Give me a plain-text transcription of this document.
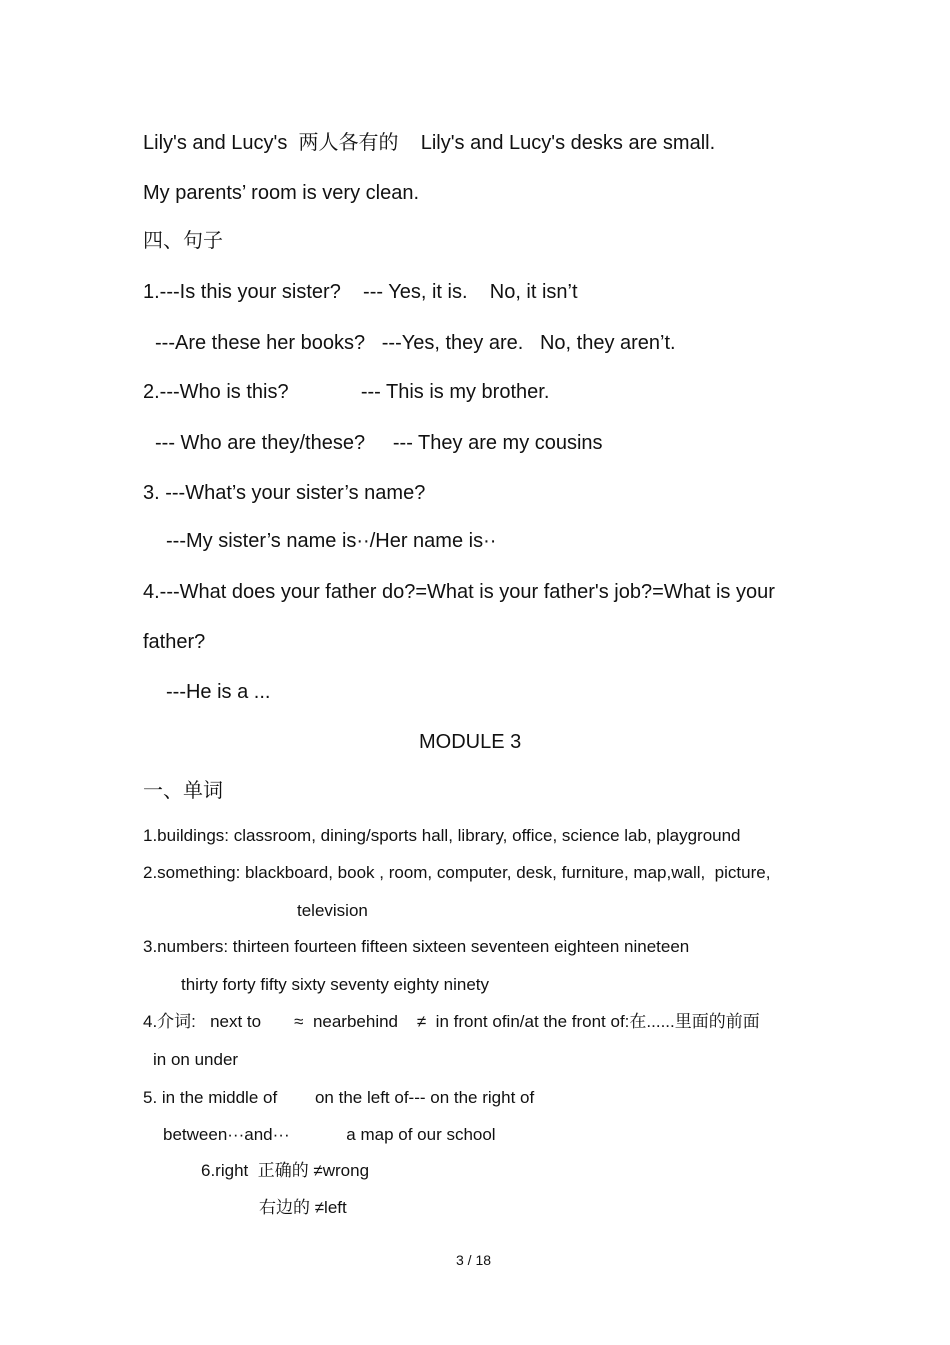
Lily's and Lucy's  两人各有的    Lily's and Lucy's desks are small.
My parents’ room is very clean.
四、句子
1.---Is this your sister?    --- Yes, it is.    No, it isn’t
---Are these her books?   ---Yes, they are.   No, they aren’t.
2.---Who is this?             --- This is my brother.
--- Who are they/these?     --- They are my cousins
3. ---What’s your sister’s name?
---My sister’s name is··/Her name is··
4.---What does your father do?=What is your father's job?=What is your
father?
---He is a ...
MODULE 3
一、单词
1.buildings: classroom, dining/sports hall, library, office, science lab, playground
2.something: blackboard, book , room, computer, desk, furniture, map,wall,  picture,
television
3.numbers: thirteen fourteen fifteen sixteen seventeen eighteen nineteen
thirty forty fifty sixty seventy eighty ninety
4.介词:   next to       ≈  nearbehind    ≠  in front ofin/at the front of:在......里面的前面
in on under
5. in the middle of        on the left of--- on the right of
between···and···            a map of our school
6.right  正确的 ≠wrong
右边的 ≠left
3 / 18
